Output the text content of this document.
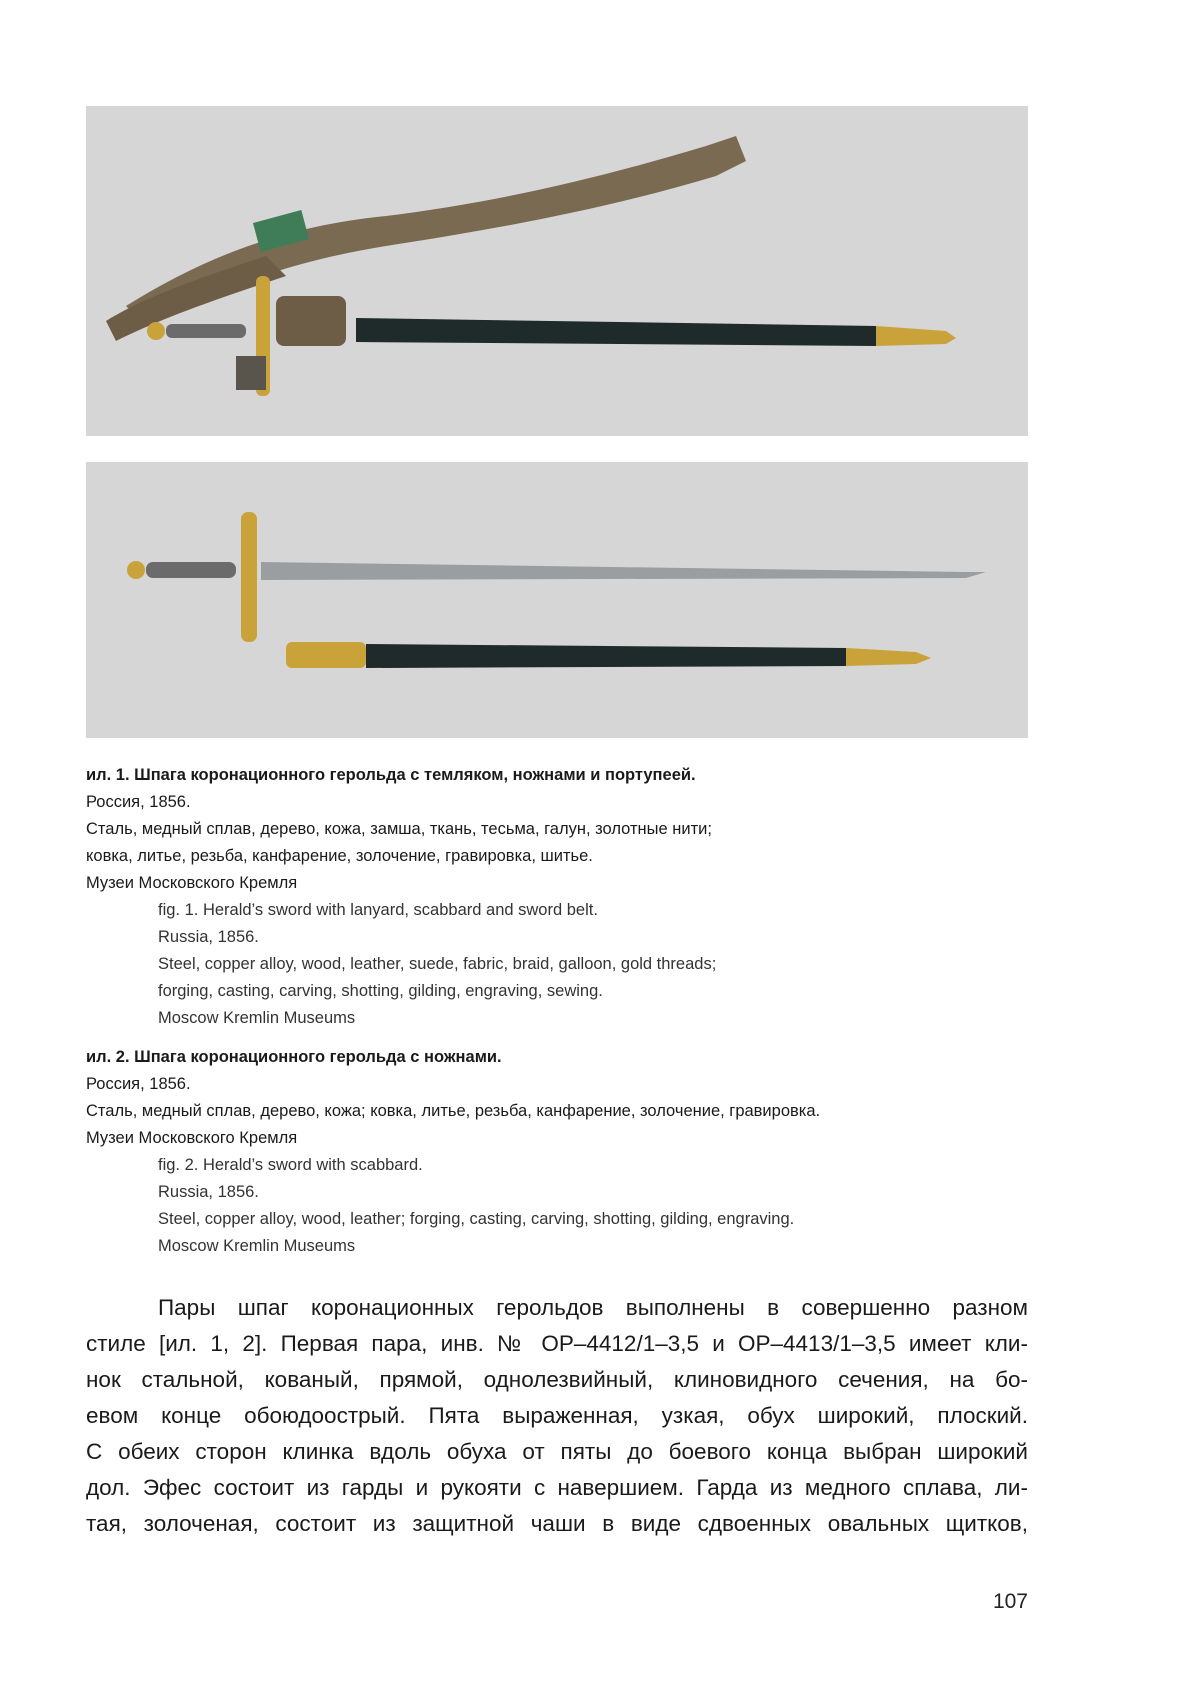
ил. 1. Шпага коронационного герольда с темляком, ножнами и портупеей.
Россия, 1856.
Сталь, медный сплав, дерево, кожа, замша, ткань, тесьма, галун, золотные нити;
ковка, литье, резьба, канфарение, золочение, гравировка, шитье.
Музеи Московского Кремля
fig. 1. Herald’s sword with lanyard, scabbard and sword belt.
Russia, 1856.
Steel, copper alloy, wood, leather, suede, fabric, braid, galloon, gold threads;
forging, casting, carving, shotting, gilding, engraving, sewing.
Moscow Kremlin Museums
ил. 2. Шпага коронационного герольда с ножнами.
Россия, 1856.
Сталь, медный сплав, дерево, кожа; ковка, литье, резьба, канфарение, золочение, гравировка.
Музеи Московского Кремля
fig. 2. Herald’s sword with scabbard.
Russia, 1856.
Steel, copper alloy, wood, leather; forging, casting, carving, shotting, gilding, engraving.
Moscow Kremlin Museums
Пары шпаг коронационных герольдов выполнены в совершенно разном
стиле [ил. 1, 2]. Первая пара, инв. № ОР–4412/1–3,5 и ОР–4413/1–3,5 имеет кли-
нок стальной, кованый, прямой, однолезвийный, клиновидного сечения, на бо-
евом конце обоюдоострый. Пята выраженная, узкая, обух широкий, плоский.
С обеих сторон клинка вдоль обуха от пяты до боевого конца выбран широкий
дол. Эфес состоит из гарды и рукояти с навершием. Гарда из медного сплава, ли-
тая, золоченая, состоит из защитной чаши в виде сдвоенных овальных щитков,
107
